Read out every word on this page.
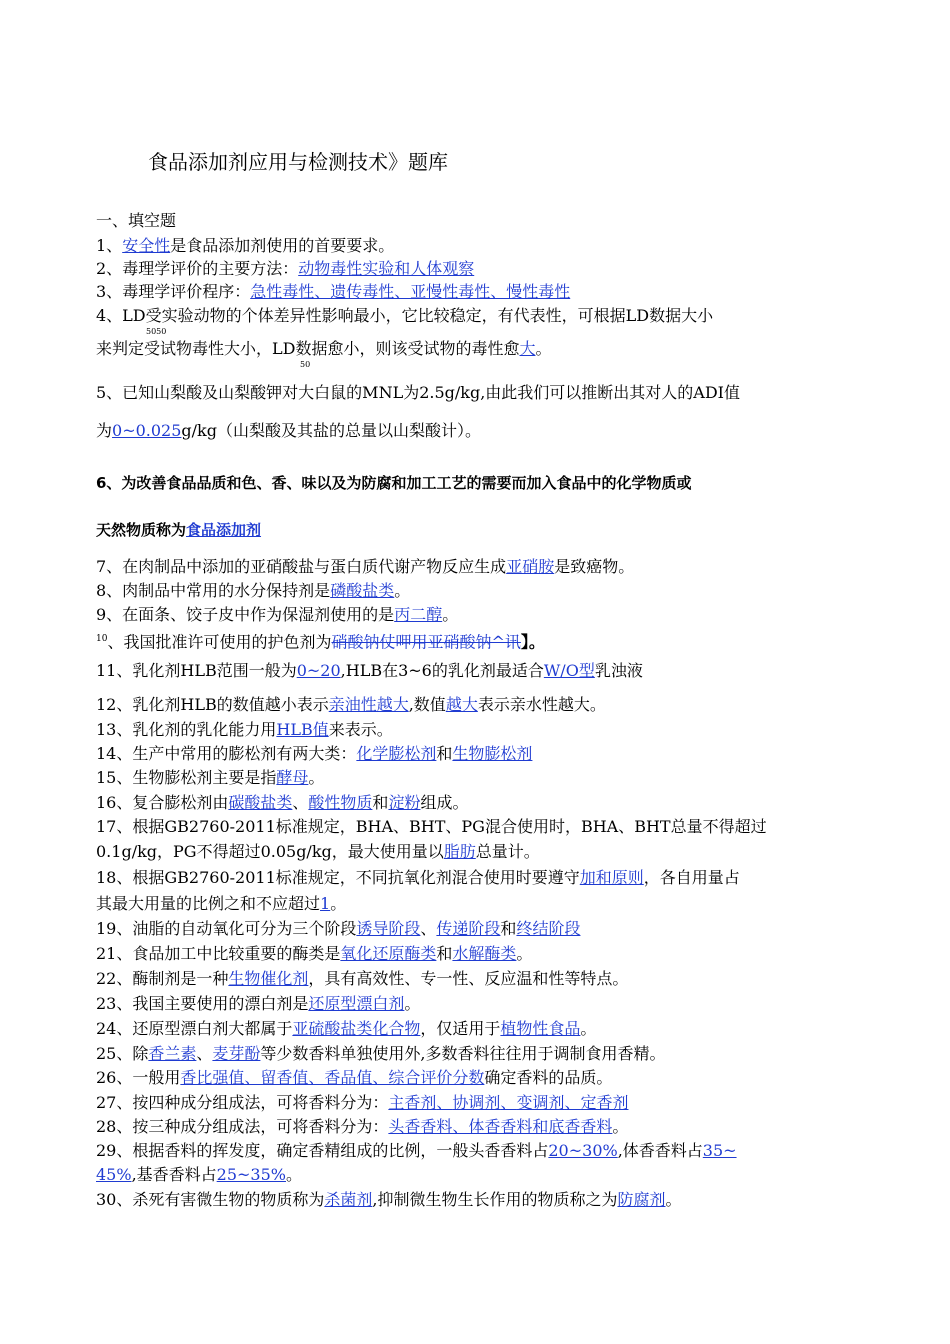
食品添加剂应用与检测技术》题库
一、填空题
1、安全性是食品添加剂使用的首要要求。
2、毒理学评价的主要方法：动物毒性实验和人体观察
3、毒理学评价程序：急性毒性、遗传毒性、亚慢性毒性、慢性毒性
4、LD受实验动物的个体差异性影响最小，它比较稳定，有代表性，可根据LD数据大小
5050
来判定受试物毒性大小，LD数据愈小，则该受试物的毒性愈大。
50
5、已知山梨酸及山梨酸钾对大白鼠的MNL为2.5g/kg,由此我们可以推断出其对人的ADI值
为0~0.025g/kg（山梨酸及其盐的总量以山梨酸计）。
6、为改善食品品质和色、香、味以及为防腐和加工工艺的需要而加入食品中的化学物质或
天然物质称为食品添加剂
7、在肉制品中添加的亚硝酸盐与蛋白质代谢产物反应生成亚硝胺是致癌物。
8、肉制品中常用的水分保持剂是磷酸盐类。
9、在面条、饺子皮中作为保湿剂使用的是丙二醇。
$^{10}$、我国批准许可使用的护色剂为硝酸钠仗呷用亚硝酸钠^讯】。
11、乳化剂HLB范围一般为0~20,HLB在3~6的乳化剂最适合W/O型乳浊液
12、乳化剂HLB的数值越小表示亲油性越大,数值越大表示亲水性越大。
13、乳化剂的乳化能力用HLB值来表示。
14、生产中常用的膨松剂有两大类：化学膨松剂和生物膨松剂
15、生物膨松剂主要是指酵母。
16、复合膨松剂由碳酸盐类、酸性物质和淀粉组成。
17、根据GB2760-2011标准规定，BHA、BHT、PG混合使用时，BHA、BHT总量不得超过
0.1g/kg，PG不得超过0.05g/kg，最大使用量以脂肪总量计。
18、根据GB2760-2011标准规定，不同抗氧化剂混合使用时要遵守加和原则，各自用量占
其最大用量的比例之和不应超过1。
19、油脂的自动氧化可分为三个阶段诱导阶段、传递阶段和终结阶段
21、食品加工中比较重要的酶类是氧化还原酶类和水解酶类。
22、酶制剂是一种生物催化剂，具有高效性、专一性、反应温和性等特点。
23、我国主要使用的漂白剂是还原型漂白剂。
24、还原型漂白剂大都属于亚硫酸盐类化合物，仅适用于植物性食品。
25、除香兰素、麦芽酚等少数香料单独使用外,多数香料往往用于调制食用香精。
26、一般用香比强值、留香值、香品值、综合评价分数确定香料的品质。
27、按四种成分组成法，可将香料分为：主香剂、协调剂、变调剂、定香剂
28、按三种成分组成法，可将香料分为：头香香料、体香香料和底香香料。
29、根据香料的挥发度，确定香精组成的比例，一般头香香料占20~30%,体香香料占35~
45%,基香香料占25~35%。
30、杀死有害微生物的物质称为杀菌剂,抑制微生物生长作用的物质称之为防腐剂。
